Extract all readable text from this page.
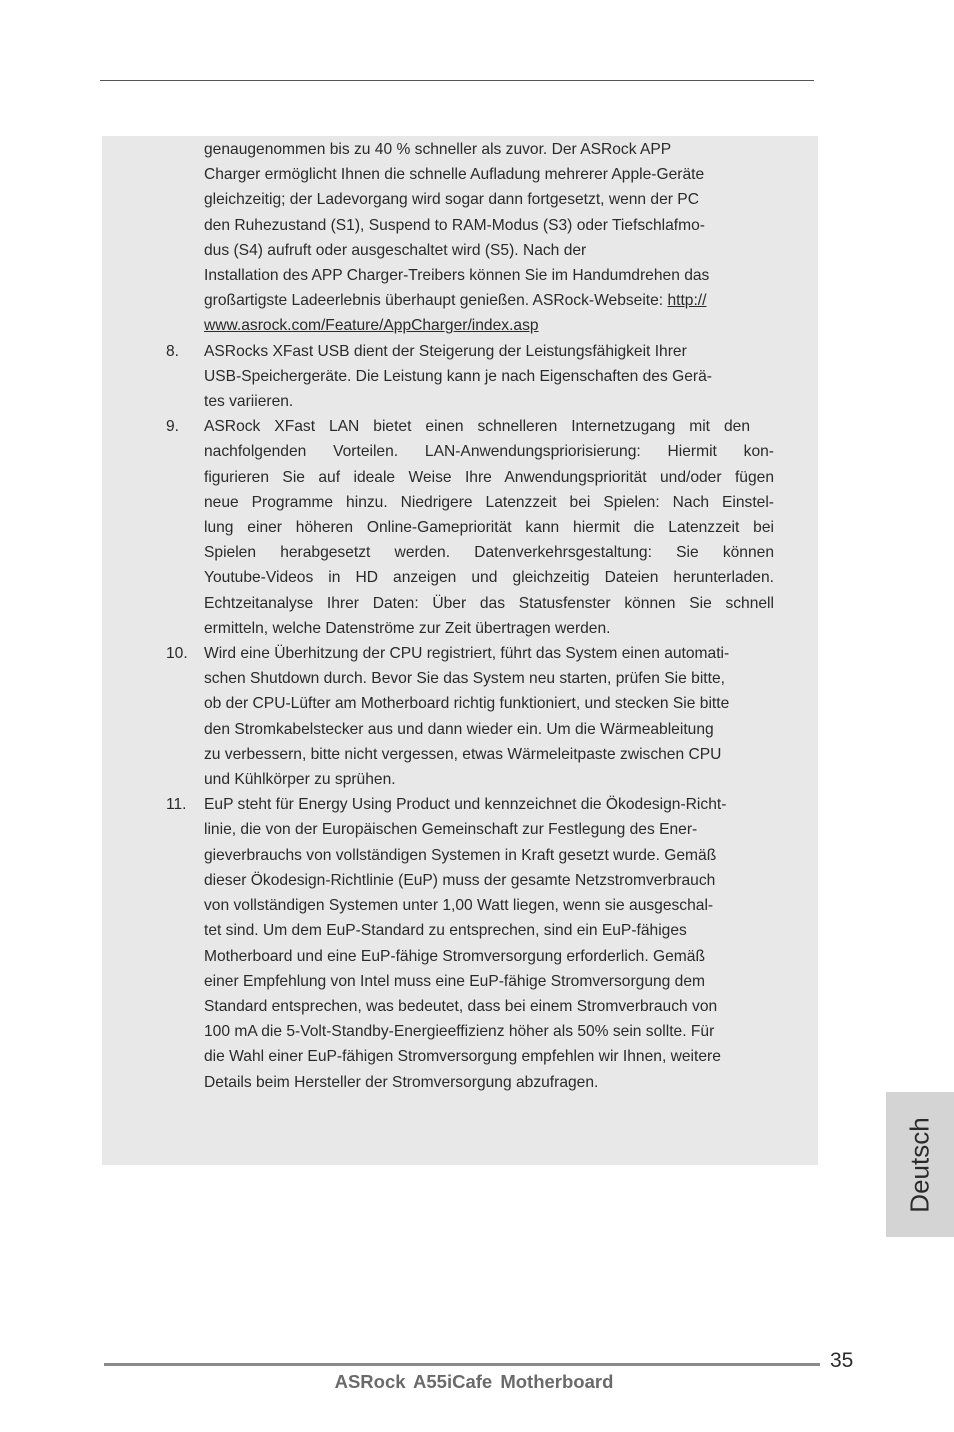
genaugenommen bis zu 40 % schneller als zuvor. Der ASRock APP
Charger ermöglicht Ihnen die schnelle Aufladung mehrerer Apple-Geräte
gleichzeitig; der Ladevorgang wird sogar dann fortgesetzt, wenn der PC
den Ruhezustand (S1), Suspend to RAM-Modus (S3) oder Tiefschlafmo-
dus (S4) aufruft oder ausgeschaltet wird (S5). Nach der
Installation des APP Charger-Treibers können Sie im Handumdrehen das
großartigste Ladeerlebnis überhaupt genießen. ASRock-Webseite: http://
www.asrock.com/Feature/AppCharger/index.asp
8. ASRocks XFast USB dient der Steigerung der Leistungsfähigkeit Ihrer
USB-Speichergeräte. Die Leistung kann je nach Eigenschaften des Gerä-
tes variieren.
9. ASRock XFast LAN bietet einen schnelleren Internetzugang mit den
nachfolgenden Vorteilen. LAN-Anwendungspriorisierung: Hiermit kon-
figurieren Sie auf ideale Weise Ihre Anwendungspriorität und/oder fügen
neue Programme hinzu. Niedrigere Latenzzeit bei Spielen: Nach Einstel-
lung einer höheren Online-Gamepriorität kann hiermit die Latenzzeit bei
Spielen herabgesetzt werden. Datenverkehrsgestaltung: Sie können
Youtube-Videos in HD anzeigen und gleichzeitig Dateien herunterladen.
Echtzeitanalyse Ihrer Daten: Über das Statusfenster können Sie schnell
ermitteln, welche Datenströme zur Zeit übertragen werden.
10. Wird eine Überhitzung der CPU registriert, führt das System einen automati-
schen Shutdown durch. Bevor Sie das System neu starten, prüfen Sie bitte,
ob der CPU-Lüfter am Motherboard richtig funktioniert, und stecken Sie bitte
den Stromkabelstecker aus und dann wieder ein. Um die Wärmeableitung
zu verbessern, bitte nicht vergessen, etwas Wärmeleitpaste zwischen CPU
und Kühlkörper zu sprühen.
11. EuP steht für Energy Using Product und kennzeichnet die Ökodesign-Richt-
linie, die von der Europäischen Gemeinschaft zur Festlegung des Ener-
gieverbrauchs von vollständigen Systemen in Kraft gesetzt wurde. Gemäß
dieser Ökodesign-Richtlinie (EuP) muss der gesamte Netzstromverbrauch
von vollständigen Systemen unter 1,00 Watt liegen, wenn sie ausgeschal-
tet sind. Um dem EuP-Standard zu entsprechen, sind ein EuP-fähiges
Motherboard und eine EuP-fähige Stromversorgung erforderlich. Gemäß
einer Empfehlung von Intel muss eine EuP-fähige Stromversorgung dem
Standard entsprechen, was bedeutet, dass bei einem Stromverbrauch von
100 mA die 5-Volt-Standby-Energieeffizienz höher als 50% sein sollte. Für
die Wahl einer EuP-fähigen Stromversorgung empfehlen wir Ihnen, weitere
Details beim Hersteller der Stromversorgung abzufragen.
Deutsch
35
ASRock A55iCafe Motherboard
